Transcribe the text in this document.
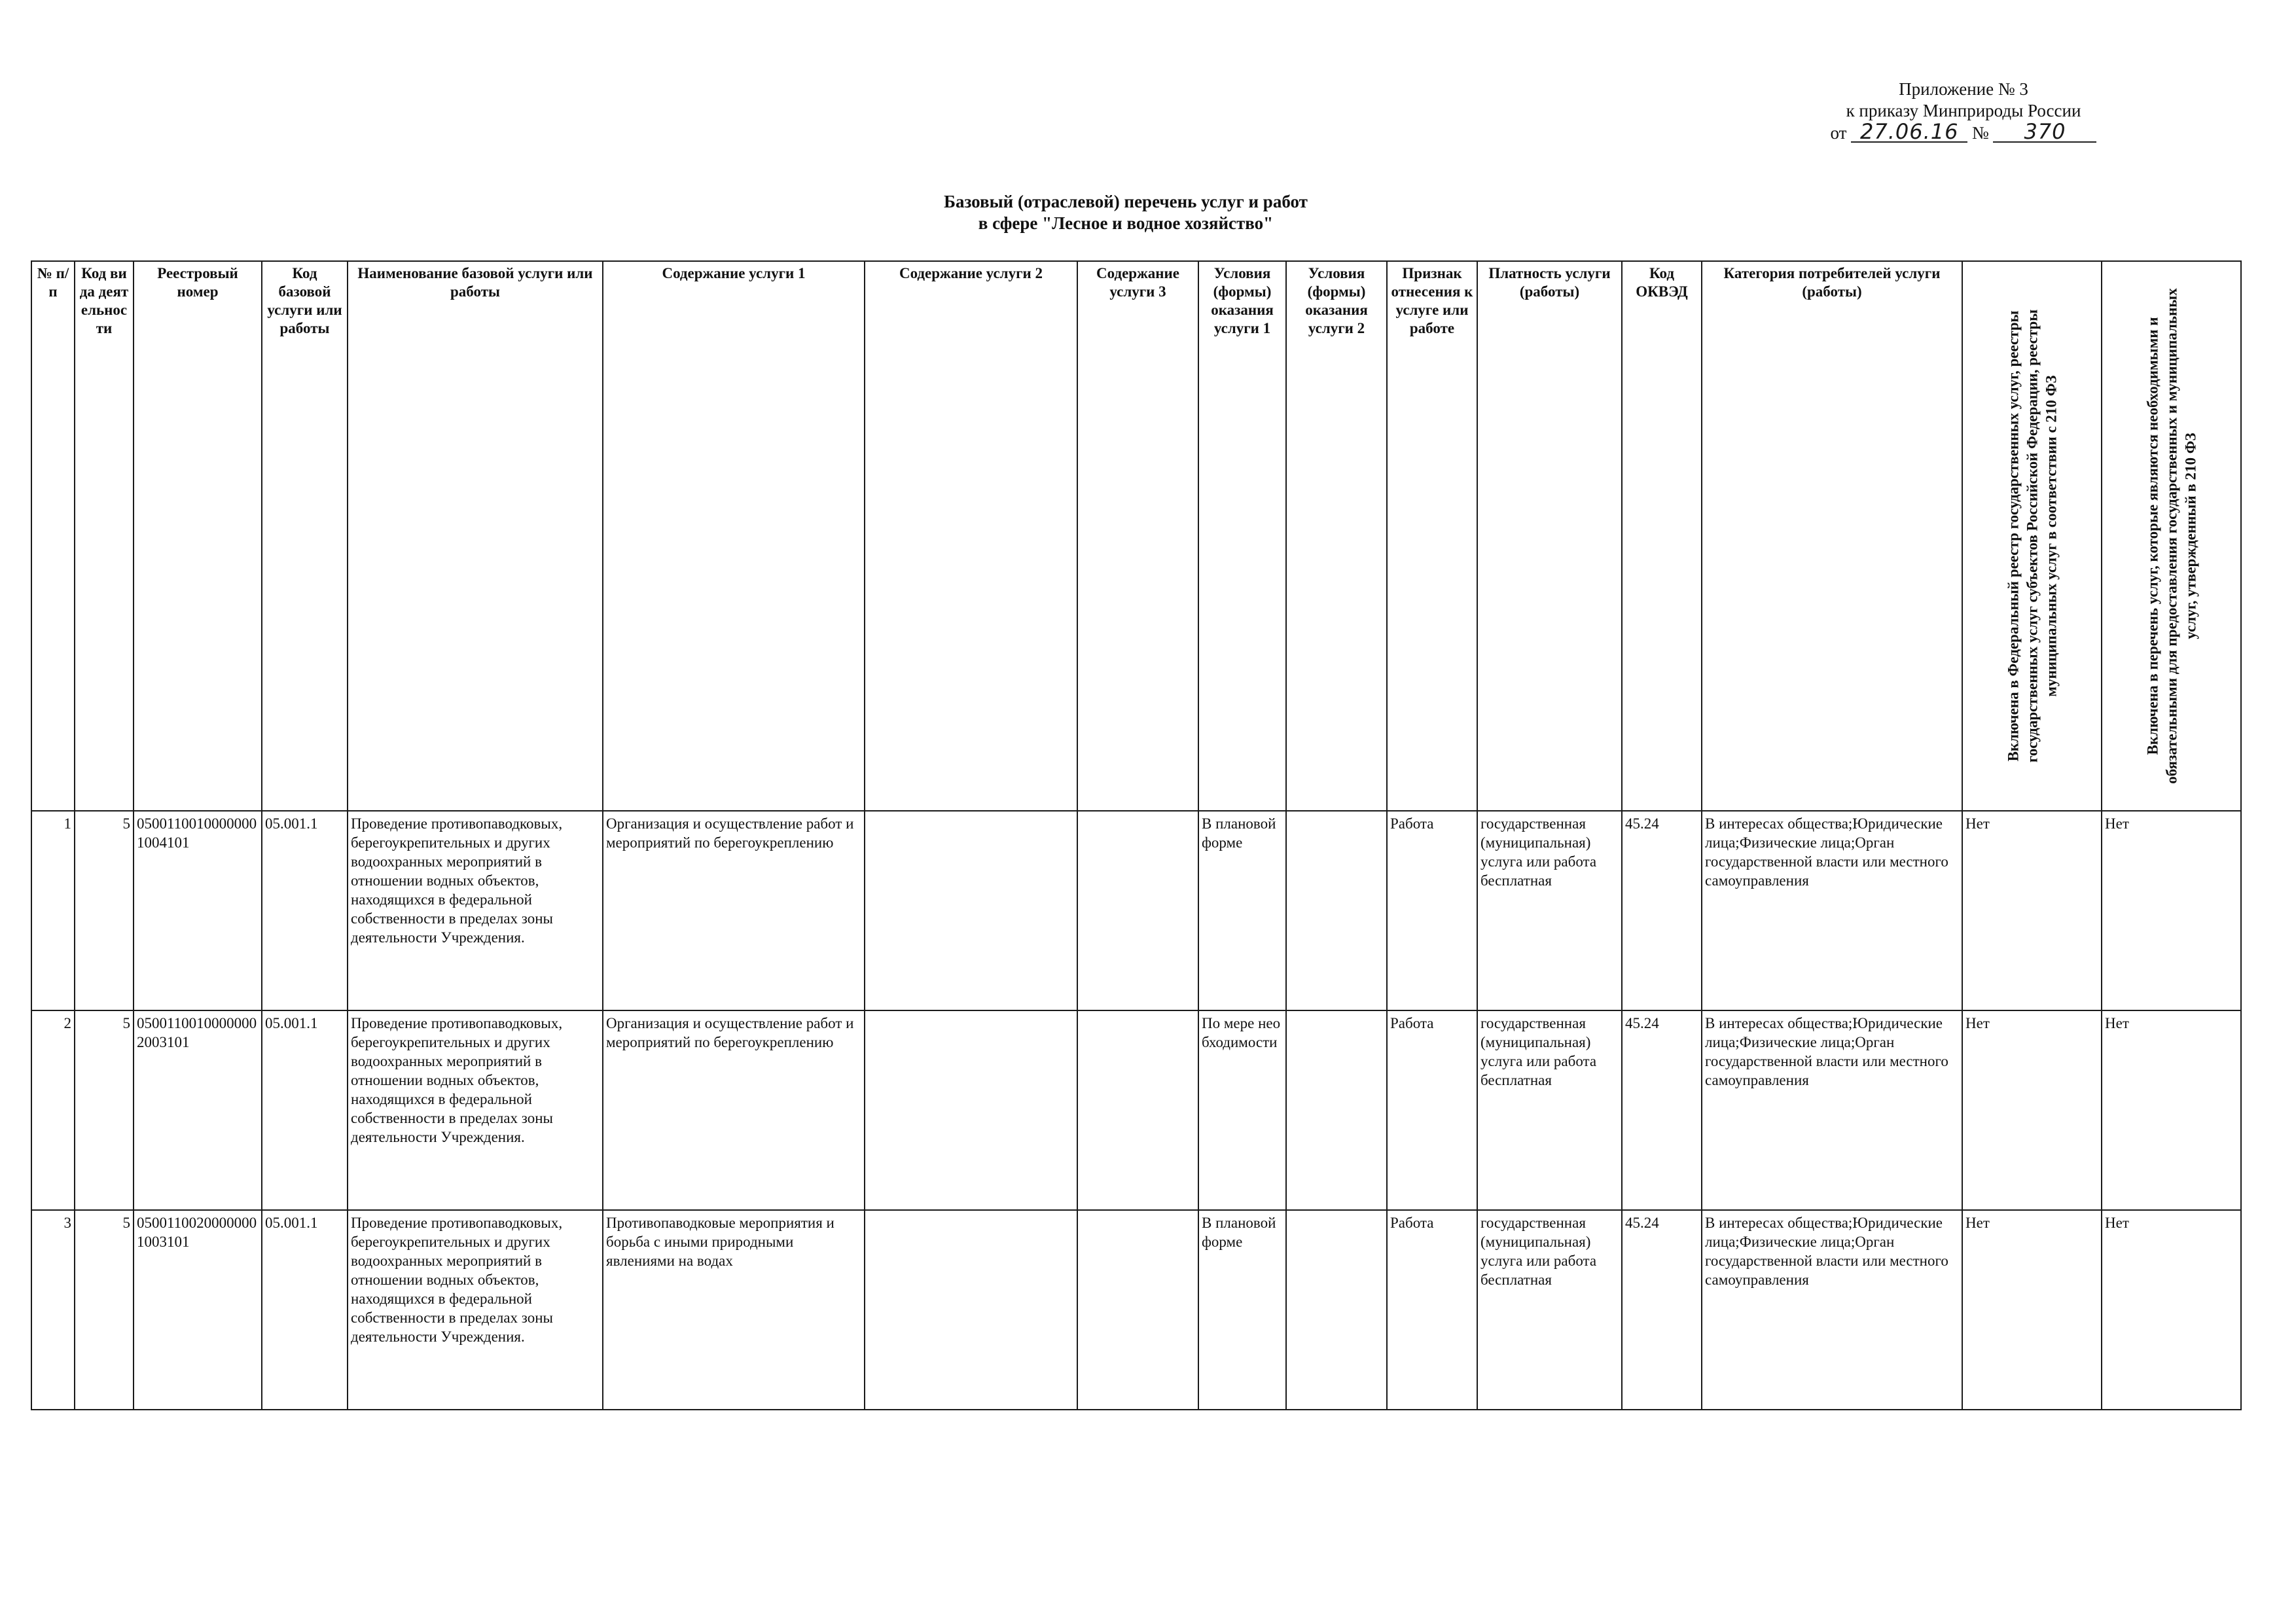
Приложение № 3
к приказу Минприроды России
от 27.06.16 № 370
Базовый (отраслевой) перечень услуг и работ
в сфере "Лесное и водное хозяйство"
№ п/п	Код вида деятельности	Реестровый номер	Код базовой услуги или работы	Наименование базовой услуги или работы	Содержание услуги 1	Содержание услуги 2	Содержание услуги 3	Условия (формы) оказания услуги 1	Условия (формы) оказания услуги 2	Признак отнесения к услуге или работе	Платность услуги (работы)	Код ОКВЭД	Категория потребителей услуги (работы)	Включена в Федеральный реестр государственных услуг, реестры государственных услуг субъектов Российской Федерации, реестры муниципальных услуг в соответствии с 210 ФЗ	Включена в перечень услуг, которые являются необходимыми и обязательными для предоставления государственных и муниципальных услуг, утвержденный в 210 ФЗ

1	5	05001100100000001004101	05.001.1	Проведение противопаводковых, берегоукрепительных и других водоохранных мероприятий в отношении водных объектов, находящихся в федеральной собственности в пределах зоны деятельности Учреждения.	Организация и осуществление работ и мероприятий по берегоукреплению			В плановой форме		Работа	государственная (муниципальная) услуга или работа бесплатная	45.24	В интересах общества;Юридические лица;Физические лица;Орган государственной власти или местного самоуправления	Нет	Нет
2	5	05001100100000002003101	05.001.1	Проведение противопаводковых, берегоукрепительных и других водоохранных мероприятий в отношении водных объектов, находящихся в федеральной собственности в пределах зоны деятельности Учреждения.	Организация и осуществление работ и мероприятий по берегоукреплению			По мере необходимости		Работа	государственная (муниципальная) услуга или работа бесплатная	45.24	В интересах общества;Юридические лица;Физические лица;Орган государственной власти или местного самоуправления	Нет	Нет
3	5	05001100200000001003101	05.001.1	Проведение противопаводковых, берегоукрепительных и других водоохранных мероприятий в отношении водных объектов, находящихся в федеральной собственности в пределах зоны деятельности Учреждения.	Противопаводковые мероприятия и борьба с иными природными явлениями на водах			В плановой форме		Работа	государственная (муниципальная) услуга или работа бесплатная	45.24	В интересах общества;Юридические лица;Физические лица;Орган государственной власти или местного самоуправления	Нет	Нет
